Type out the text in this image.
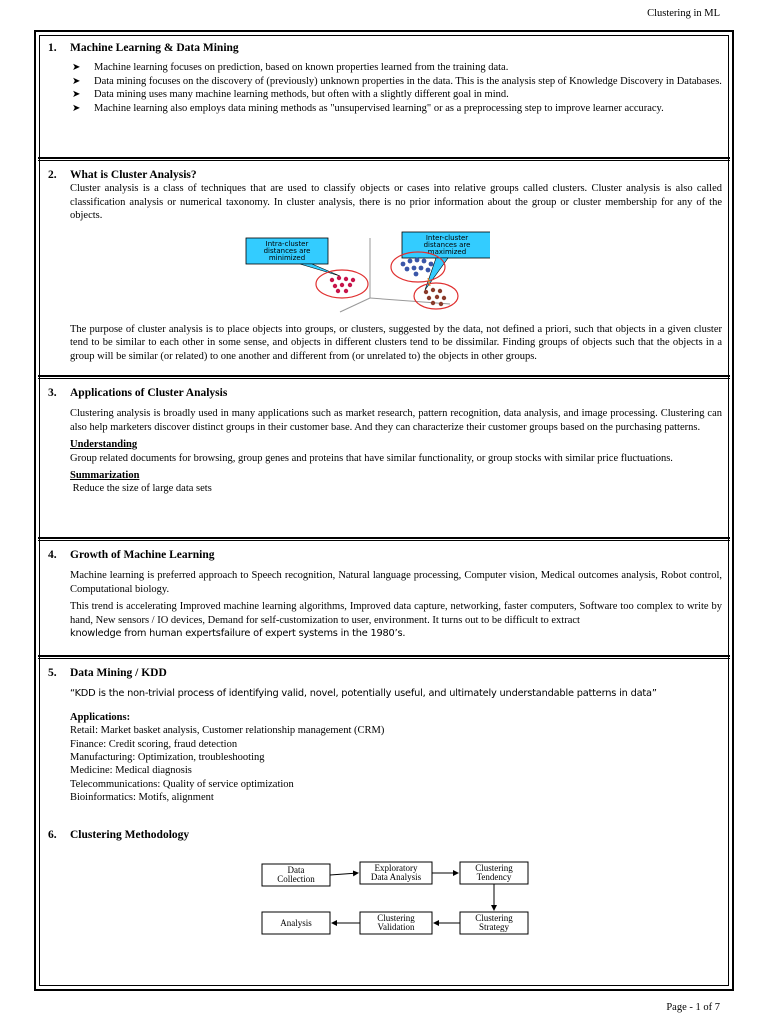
Clustering in ML
1. Machine Learning & Data Mining
➤ Machine learning focuses on prediction, based on known properties learned from the training data.
➤ Data mining focuses on the discovery of (previously) unknown properties in the data. This is the analysis step of Knowledge Discovery in Databases.
➤ Data mining uses many machine learning methods, but often with a slightly different goal in mind.
➤ Machine learning also employs data mining methods as "unsupervised learning" or as a preprocessing step to improve learner accuracy.
2. What is Cluster Analysis?

Cluster analysis is a class of techniques that are used to classify objects or cases into relative groups called clusters. Cluster analysis is also called classification analysis or numerical taxonomy. In cluster analysis, there is no prior information about the group or cluster membership for any of the objects.

Intra-cluster
distances are
minimized
Inter-cluster
distances are
maximized

The purpose of cluster analysis is to place objects into groups, or clusters, suggested by the data, not defined a priori, such that objects in a given cluster tend to be similar to each other in some sense, and objects in different clusters tend to be dissimilar. Finding groups of objects such that the objects in a group will be similar (or related) to one another and different from (or unrelated to) the objects in other groups.

3. Applications of Cluster Analysis

Clustering analysis is broadly used in many applications such as market research, pattern recognition, data analysis, and image processing. Clustering can also help marketers discover distinct groups in their customer base. And they can characterize their customer groups based on the purchasing patterns.

Understanding

Group related documents for browsing, group genes and proteins that have similar functionality, or group stocks with similar price fluctuations.

Summarization

Reduce the size of large data sets

4. Growth of Machine Learning

Machine learning is preferred approach to Speech recognition, Natural language processing, Computer vision, Medical outcomes analysis, Robot control, Computational biology.

This trend is accelerating Improved machine learning algorithms, Improved data capture, networking, faster computers, Software too complex to write by hand, New sensors / IO devices, Demand for self-customization to user, environment. It turns out to be difficult to extract

knowledge from human expertsfailure of expert systems in the 1980’s.

5. Data Mining / KDD

“KDD is the non-trivial process of identifying valid, novel, potentially useful, and ultimately understandable patterns in data”

Applications:
Retail: Market basket analysis, Customer relationship management (CRM)
Finance: Credit scoring, fraud detection
Manufacturing: Optimization, troubleshooting
Medicine: Medical diagnosis
Telecommunications: Quality of service optimization
Bioinformatics: Motifs, alignment
6. Clustering Methodology
Data
Collection
Exploratory
Data Analysis
Clustering
Tendency
Analysis	Clustering
Validation
Clustering
Strategy
Page - 1 of 7
